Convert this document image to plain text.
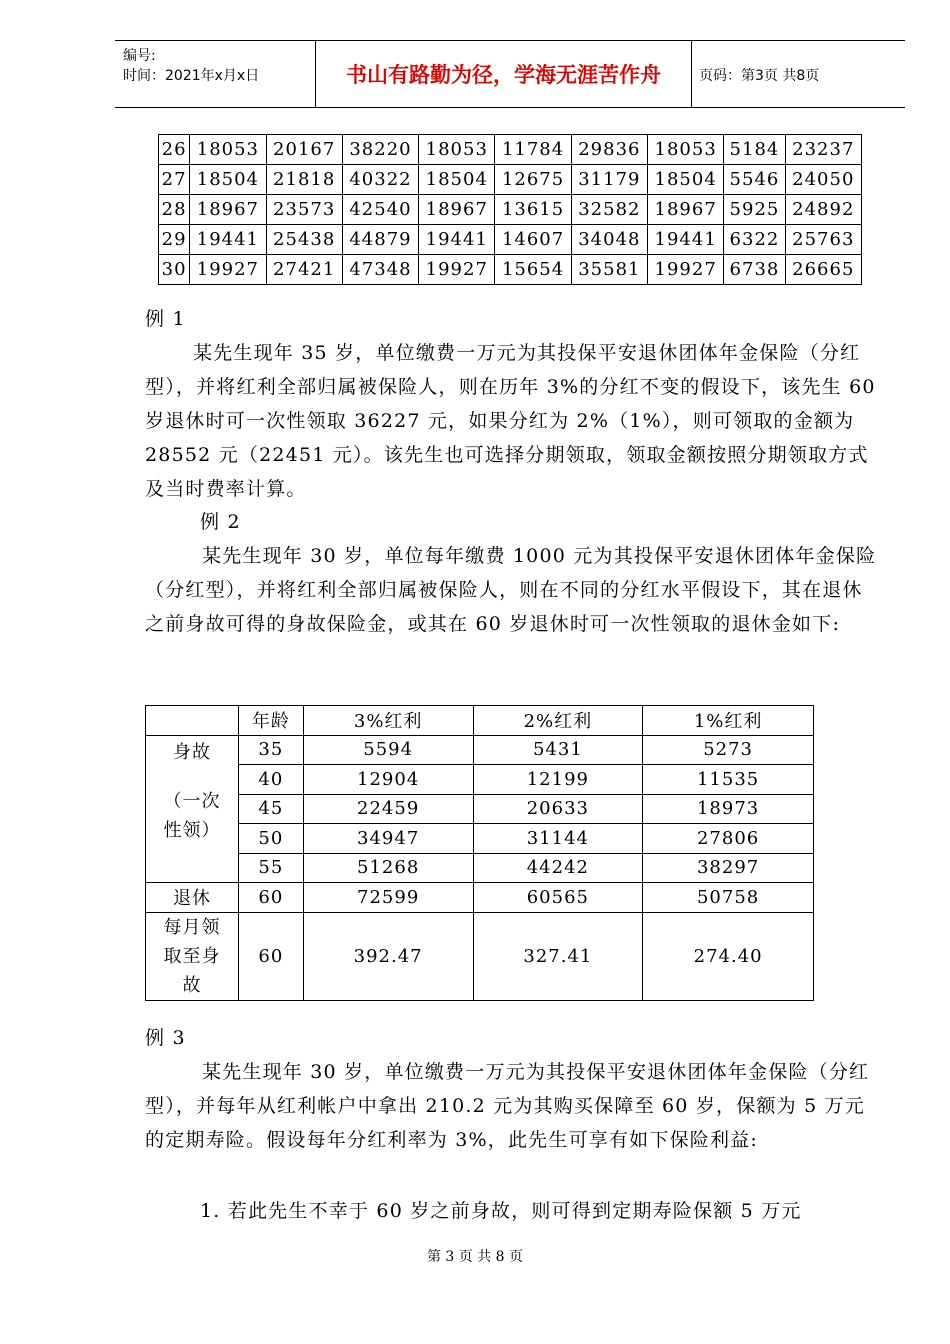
编号:
时间：2021年x月x日	书山有路勤为径，学海无涯苦作舟	页码：第3页 共8页
26	18053	20167	38220	18053	11784	29836	18053	5184	23237
27	18504	21818	40322	18504	12675	31179	18504	5546	24050
28	18967	23573	42540	18967	13615	32582	18967	5925	24892
29	19441	25438	44879	19441	14607	34048	19441	6322	25763
30	19927	27421	47348	19927	15654	35581	19927	6738	26665

例 1

某先生现年 35 岁，单位缴费一万元为其投保平安退休团体年金保险（分红型），并将红利全部归属被保险人，则在历年 3%的分红不变的假设下，该先生 60 岁退休时可一次性领取 36227 元，如果分红为 2%（1%），则可领取的金额为 28552 元（22451 元）。该先生也可选择分期领取，领取金额按照分期领取方式及当时费率计算。

例 2

某先生现年 30 岁，单位每年缴费 1000 元为其投保平安退休团体年金保险（分红型），并将红利全部归属被保险人，则在不同的分红水平假设下，其在退休之前身故可得的身故保险金，或其在 60 岁退休时可一次性领取的退休金如下:

	年龄	3%红利	2%红利	1%红利

身故
（一次性领）	35	5594	5431	5273
	40	12904	12199	11535
	45	22459	20633	18973
	50	34947	31144	27806
	55	51268	44242	38297
退休	60	72599	60565	50758
每月领取至身故	60	392.47	327.41	274.40

例 3

某先生现年 30 岁，单位缴费一万元为其投保平安退休团体年金保险（分红型），并每年从红利帐户中拿出 210.2 元为其购买保障至 60 岁，保额为 5 万元的定期寿险。假设每年分红利率为 3%，此先生可享有如下保险利益:

1. 若此先生不幸于 60 岁之前身故，则可得到定期寿险保额 5 万元

第 3 页 共 8 页
